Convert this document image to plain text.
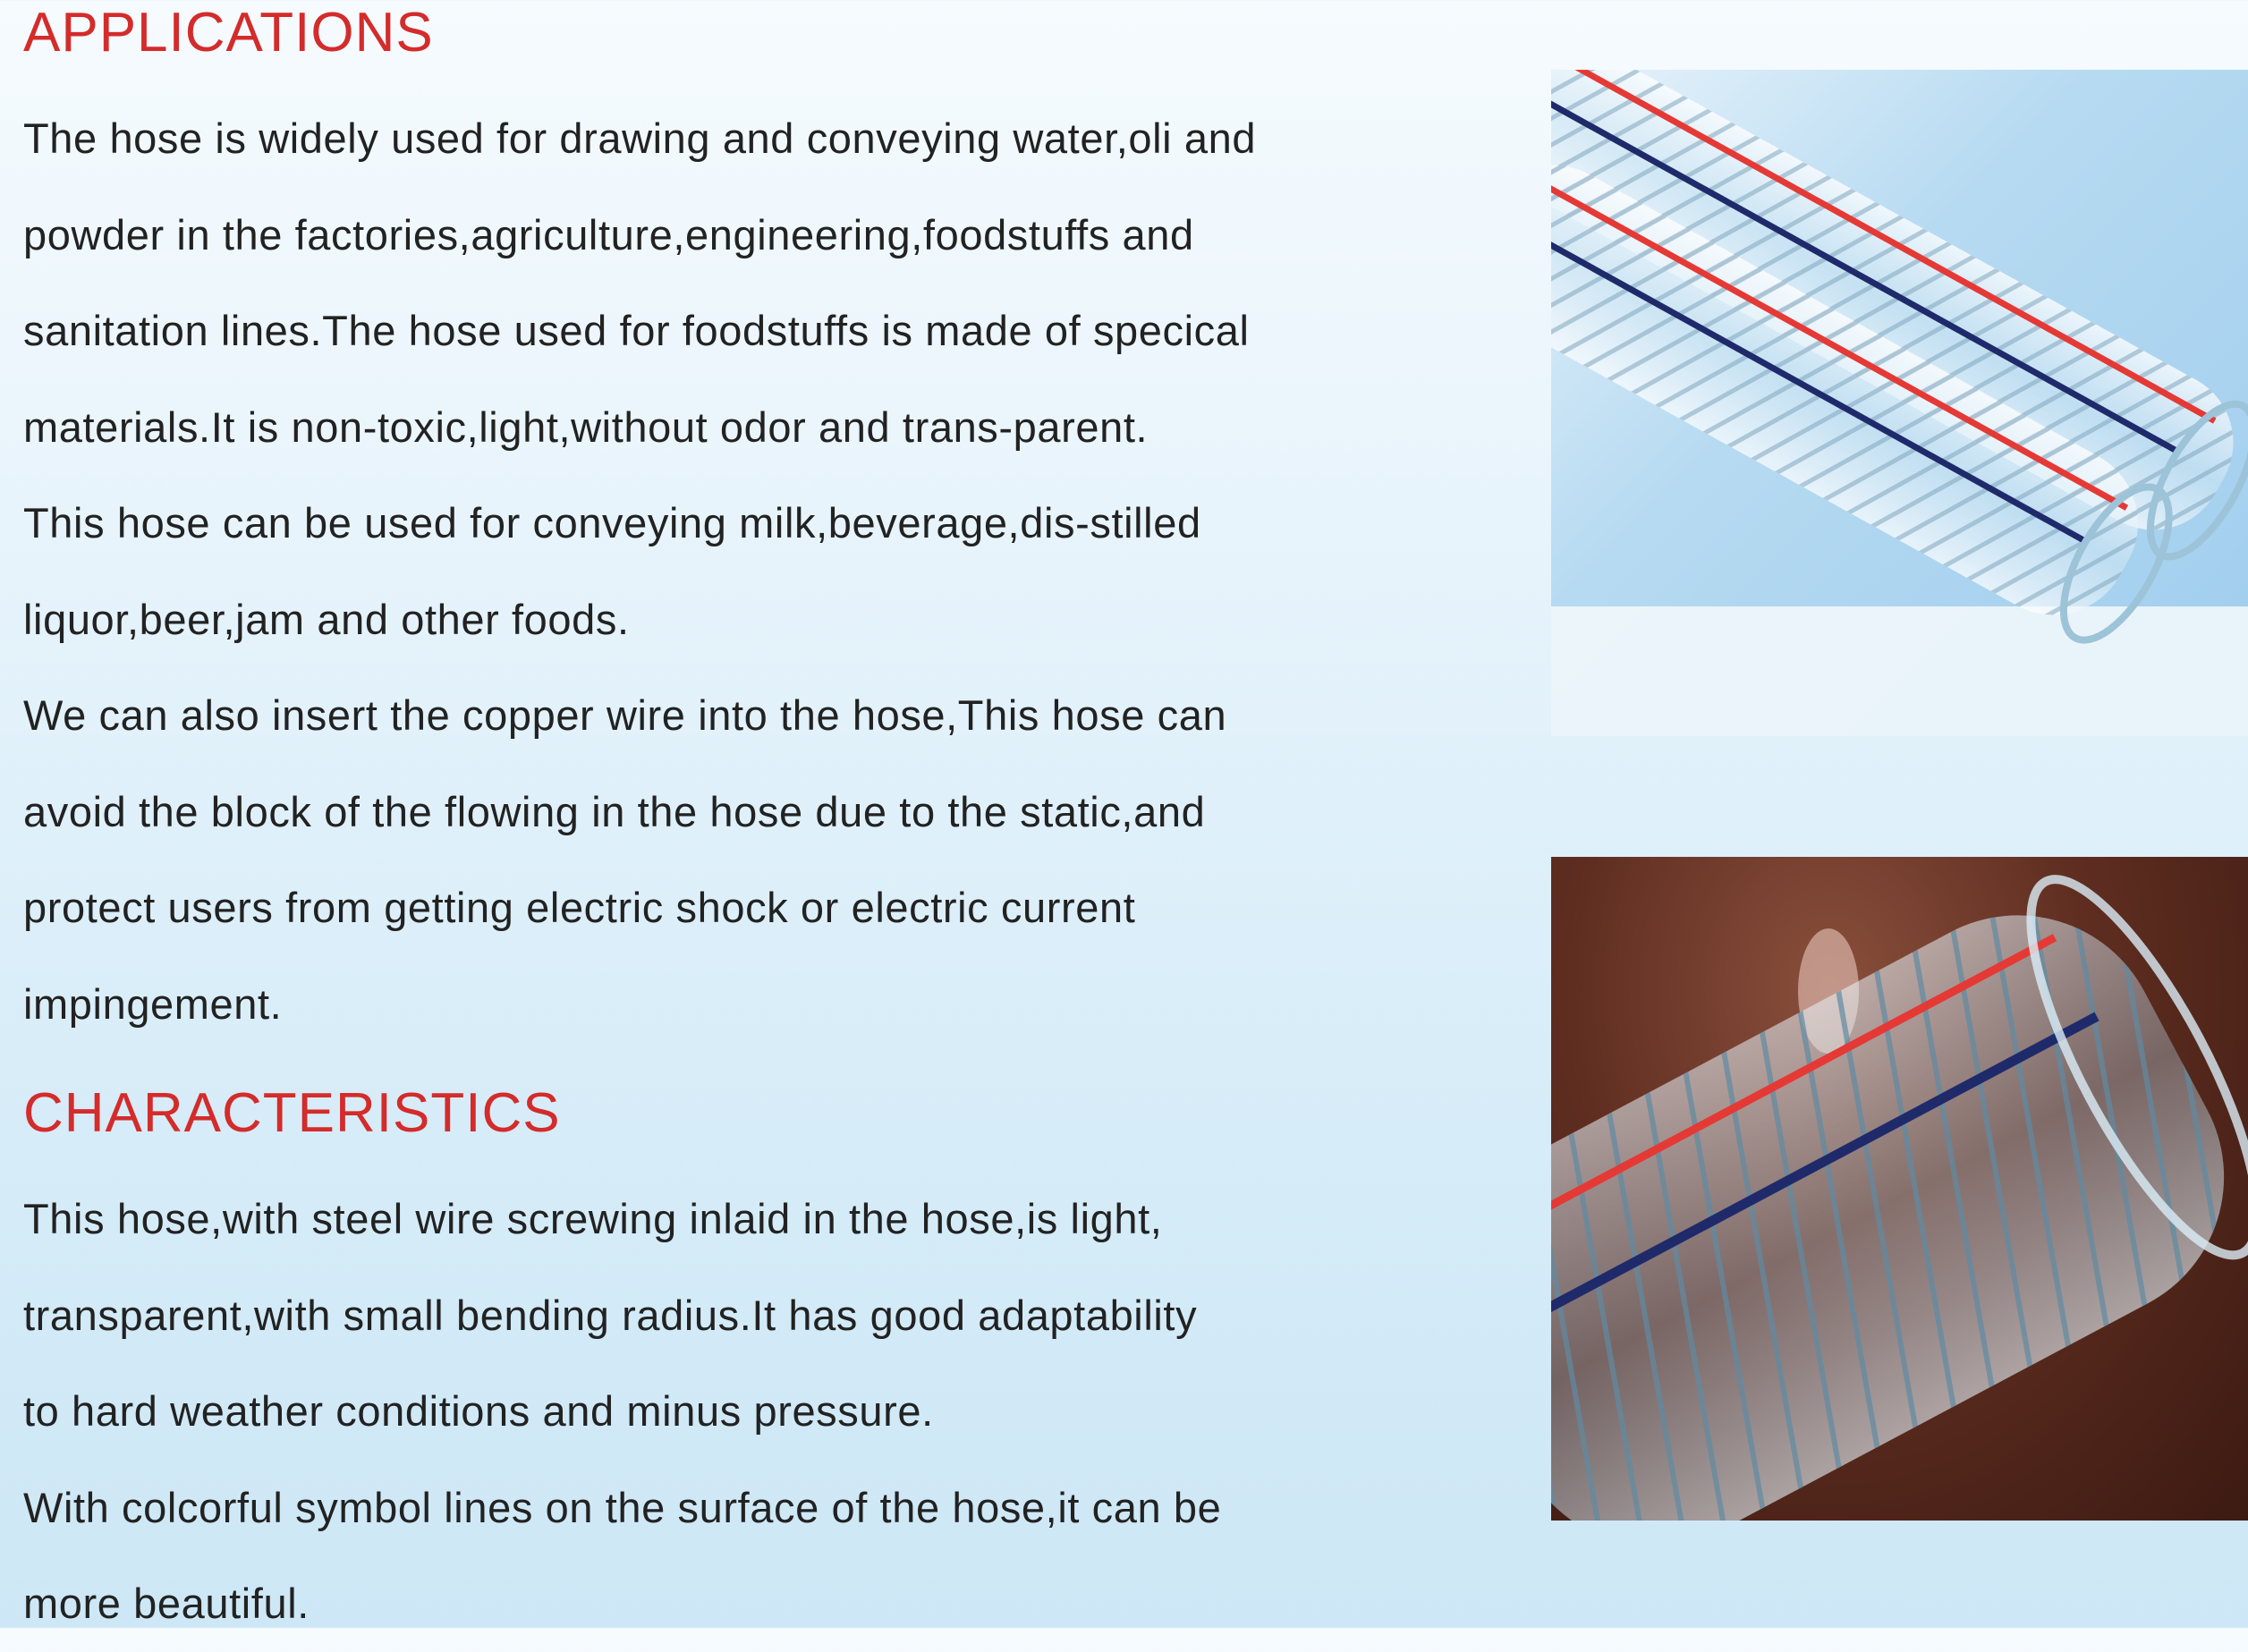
APPLICATIONS
The hose is widely used for drawing and conveying water,oli and
powder in the factories,agriculture,engineering,foodstuffs and
sanitation lines.The hose used for foodstuffs is made of specical
materials.It is non-toxic,light,without odor and trans-parent.
This hose can be used for conveying milk,beverage,dis-stilled
liquor,beer,jam and other foods.
We can also insert the copper wire into the hose,This hose can
avoid the block of the flowing in the hose due to the static,and
protect users from getting electric shock or electric current
impingement.
CHARACTERISTICS
This hose,with steel wire screwing inlaid in the hose,is light,
transparent,with small bending radius.It has good adaptability
to hard weather conditions and minus pressure.
With colcorful symbol lines on the surface of the hose,it can be
more beautiful.
